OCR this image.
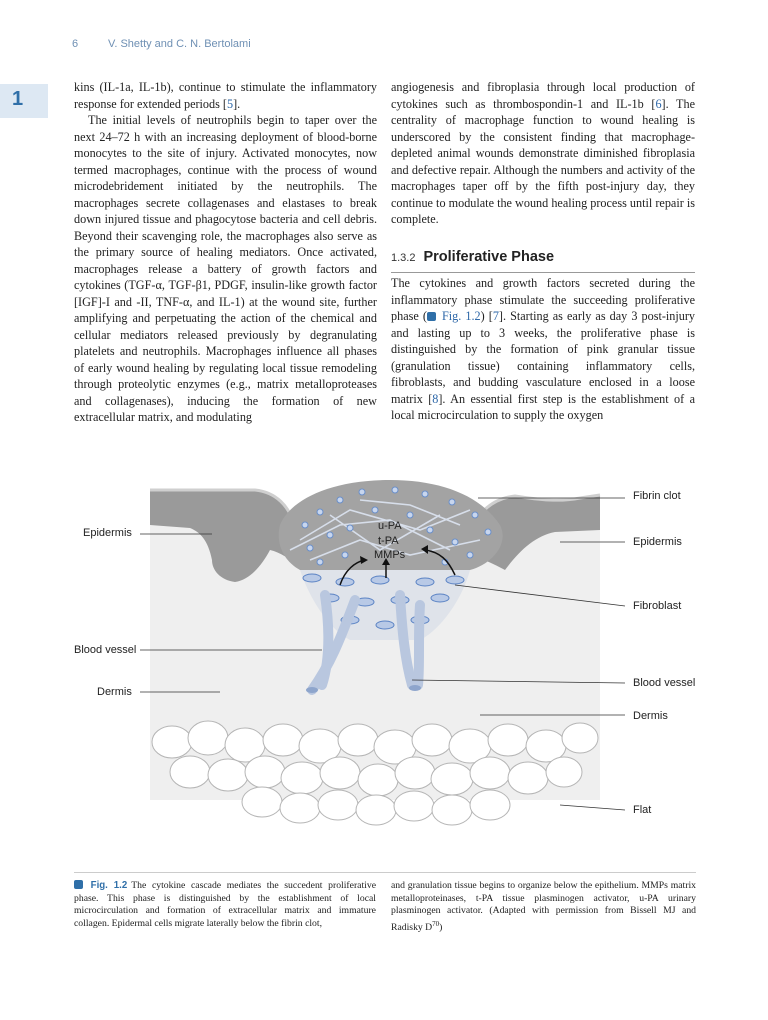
6	V. Shetty and C. N. Bertolami
1

kins (IL-1a, IL-1b), continue to stimulate the inflammatory response for extended periods [5].

The initial levels of neutrophils begin to taper over the next 24–72 h with an increasing deployment of blood-borne monocytes to the site of injury. Activated monocytes, now termed macrophages, continue with the process of wound microdebridement initiated by the neutrophils. The macrophages secrete collagenases and elastases to break down injured tissue and phagocytose bacteria and cell debris. Beyond their scavenging role, the macrophages also serve as the primary source of healing mediators. Once activated, macrophages release a battery of growth factors and cytokines (TGF-α, TGF-β1, PDGF, insulin-like growth factor [IGF]-I and -II, TNF-α, and IL-1) at the wound site, further amplifying and perpetuating the action of the chemical and cellular mediators released previously by degranulating platelets and neutrophils. Macrophages influence all phases of early wound healing by regulating local tissue remodeling through proteolytic enzymes (e.g., matrix metalloproteases and collagenases), inducing the formation of new extracellular matrix, and modulating

angiogenesis and fibroplasia through local production of cytokines such as thrombospondin-1 and IL-1b [6]. The centrality of macrophage function to wound healing is underscored by the consistent finding that macrophage-depleted animal wounds demonstrate diminished fibroplasia and defective repair. Although the numbers and activity of the macrophages taper off by the fifth post-injury day, they continue to modulate the wound healing process until repair is complete.

1.3.2 Proliferative Phase

The cytokines and growth factors secreted during the inflammatory phase stimulate the succeeding proliferative phase ( Fig. 1.2) [7]. Starting as early as day 3 post-injury and lasting up to 3 weeks, the proliferative phase is distinguished by the formation of pink granular tissue (granulation tissue) containing inflammatory cells, fibroblasts, and budding vasculature enclosed in a loose matrix [8]. An essential first step is the establishment of a local microcirculation to supply the oxygen

Fibrin clot
Epidermis
Epidermis
u-PA
t-PA
MMPs
Fibroblast
Blood vessel
Blood vessel
Dermis
Dermis
Flat
Fig. 1.2 The cytokine cascade mediates the succedent proliferative phase. This phase is distinguished by the establishment of local microcirculation and formation of extracellular matrix and immature collagen. Epidermal cells migrate laterally below the fibrin clot,
and granulation tissue begins to organize below the epithelium. MMPs matrix metalloproteinases, t-PA tissue plasminogen activator, u-PA urinary plasminogen activator. (Adapted with permission from Bissell MJ and Radisky $D^{70}$)
